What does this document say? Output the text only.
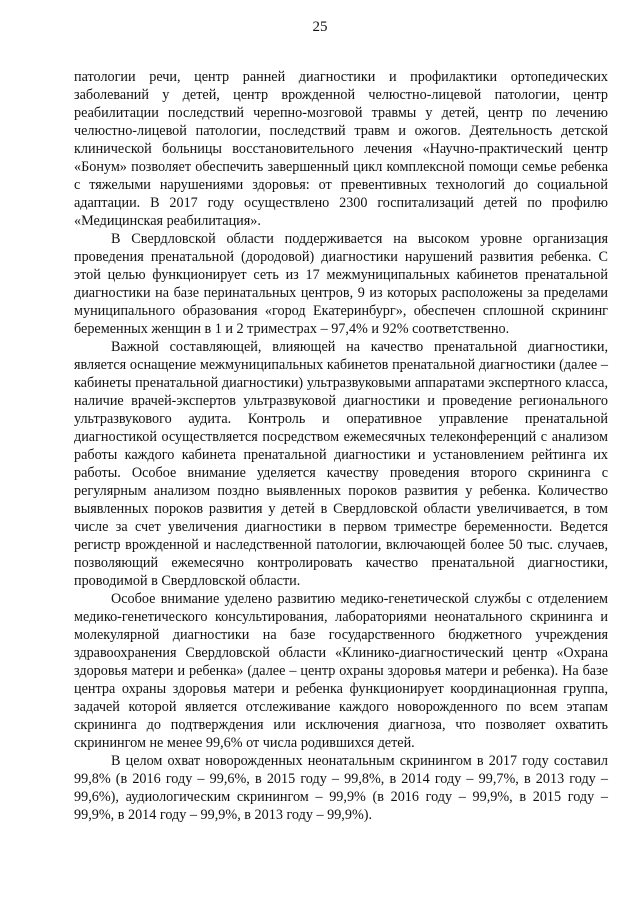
25

патологии речи, центр ранней диагностики и профилактики ортопедических заболеваний у детей, центр врожденной челюстно-лицевой патологии, центр реабилитации последствий черепно-мозговой травмы у детей, центр по лечению челюстно-лицевой патологии, последствий травм и ожогов. Деятельность детской клинической больницы восстановительного лечения «Научно-практический центр «Бонум» позволяет обеспечить завершенный цикл комплексной помощи семье ребенка с тяжелыми нарушениями здоровья: от превентивных технологий до социальной адаптации. В 2017 году осуществлено 2300 госпитализаций детей по профилю «Медицинская реабилитация».

В Свердловской области поддерживается на высоком уровне организация проведения пренатальной (дородовой) диагностики нарушений развития ребенка. С этой целью функционирует сеть из 17 межмуниципальных кабинетов пренатальной диагностики на базе перинатальных центров, 9 из которых расположены за пределами муниципального образования «город Екатеринбург», обеспечен сплошной скрининг беременных женщин в 1 и 2 триместрах – 97,4% и 92% соответственно.

Важной составляющей, влияющей на качество пренатальной диагностики, является оснащение межмуниципальных кабинетов пренатальной диагностики (далее – кабинеты пренатальной диагностики) ультразвуковыми аппаратами экспертного класса, наличие врачей-экспертов ультразвуковой диагностики и проведение регионального ультразвукового аудита. Контроль и оперативное управление пренатальной диагностикой осуществляется посредством ежемесячных телеконференций с анализом работы каждого кабинета пренатальной диагностики и установлением рейтинга их работы. Особое внимание уделяется качеству проведения второго скрининга с регулярным анализом поздно выявленных пороков развития у ребенка. Количество выявленных пороков развития у детей в Свердловской области увеличивается, в том числе за счет увеличения диагностики в первом триместре беременности. Ведется регистр врожденной и наследственной патологии, включающей более 50 тыс. случаев, позволяющий ежемесячно контролировать качество пренатальной диагностики, проводимой в Свердловской области.

Особое внимание уделено развитию медико-генетической службы с отделением медико-генетического консультирования, лабораториями неонатального скрининга и молекулярной диагностики на базе государственного бюджетного учреждения здравоохранения Свердловской области «Клинико-диагностический центр «Охрана здоровья матери и ребенка» (далее – центр охраны здоровья матери и ребенка). На базе центра охраны здоровья матери и ребенка функционирует координационная группа, задачей которой является отслеживание каждого новорожденного по всем этапам скрининга до подтверждения или исключения диагноза, что позволяет охватить скринингом не менее 99,6% от числа родившихся детей.

В целом охват новорожденных неонатальным скринингом в 2017 году составил 99,8% (в 2016 году – 99,6%, в 2015 году – 99,8%, в 2014 году – 99,7%, в 2013 году – 99,6%), аудиологическим скринингом – 99,9% (в 2016 году – 99,9%, в 2015 году – 99,9%, в 2014 году – 99,9%, в 2013 году – 99,9%).
